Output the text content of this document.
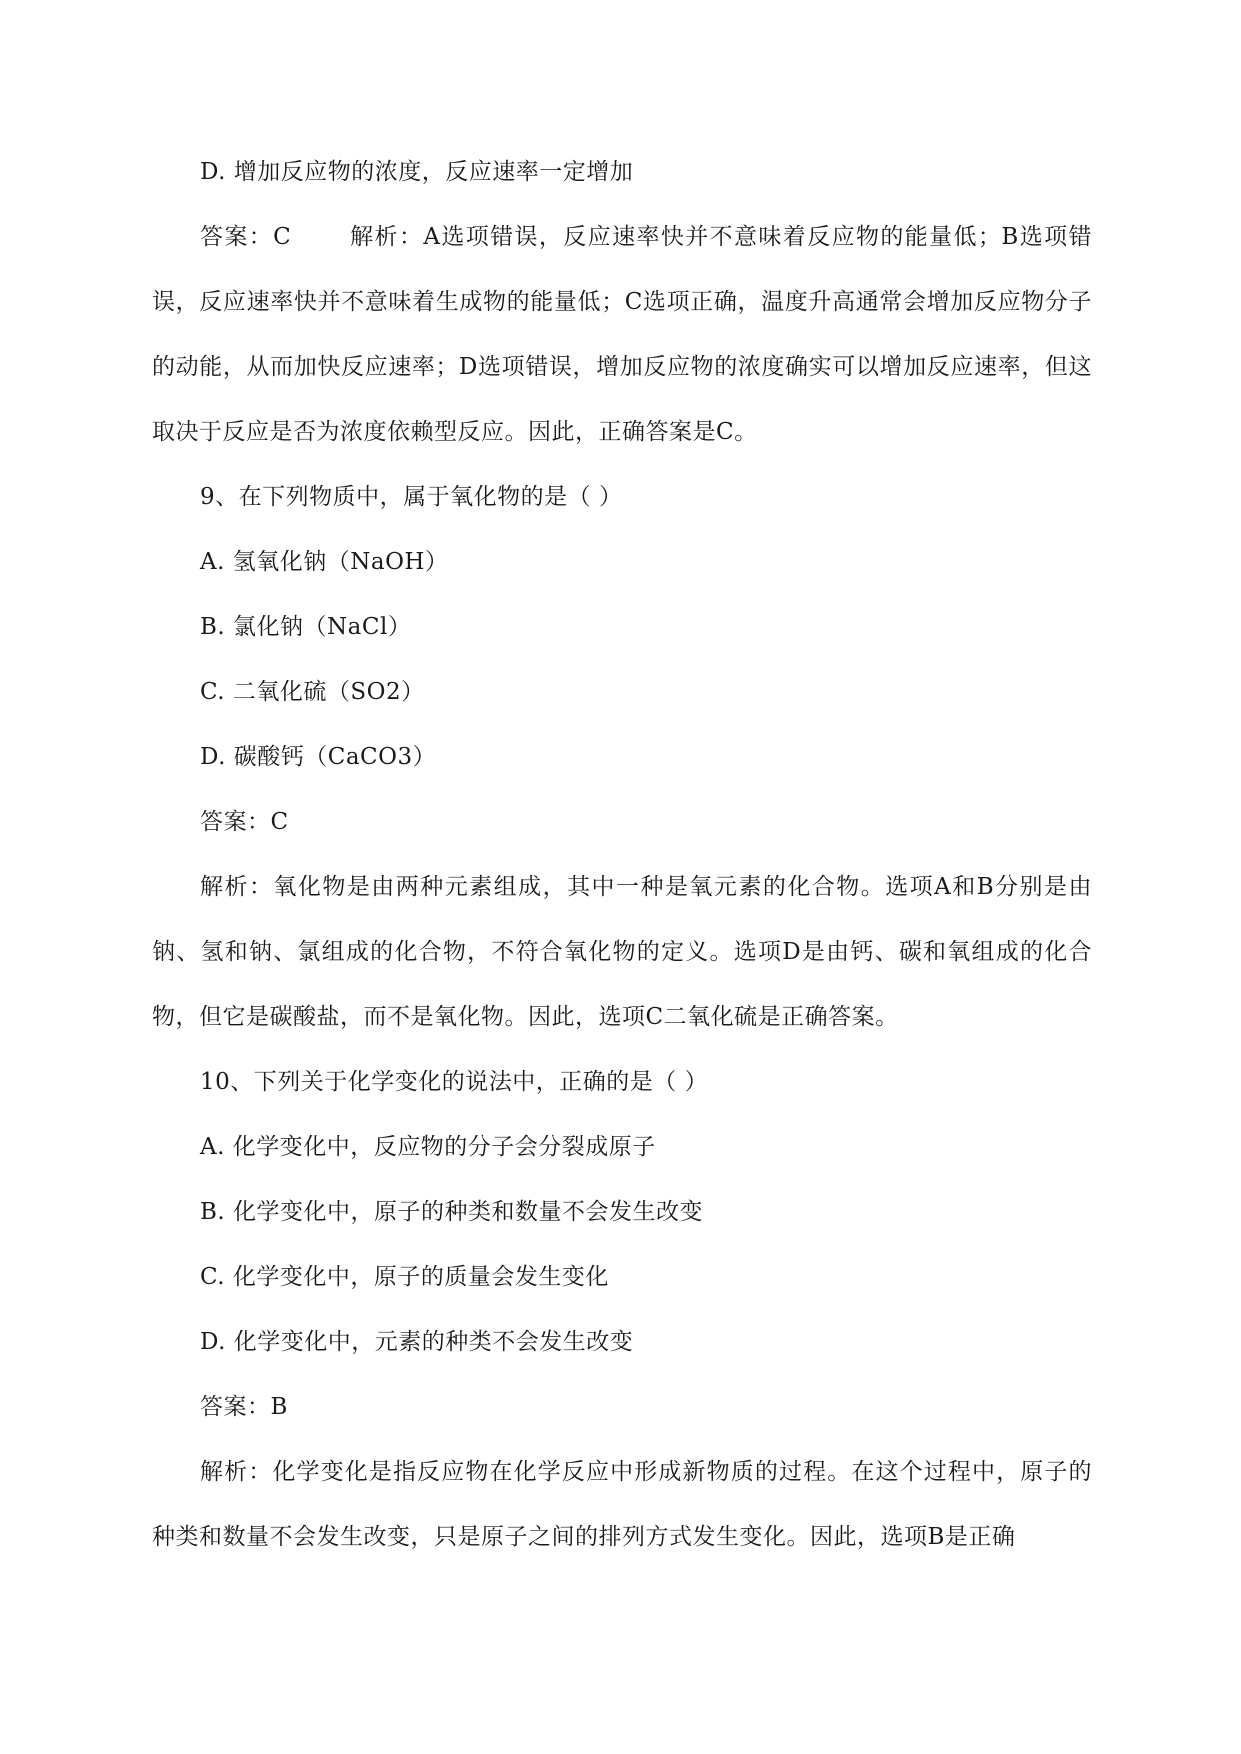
D. 增加反应物的浓度，反应速率一定增加

答案：C	解析：A选项错误，反应速率快并不意味着反应物的能量低；B选项错误，反应速率快并不意味着生成物的能量低；C选项正确，温度升高通常会增加反应物分子的动能，从而加快反应速率；D选项错误，增加反应物的浓度确实可以增加反应速率，但这取决于反应是否为浓度依赖型反应。因此，正确答案是C。

9、在下列物质中，属于氧化物的是（ ）

A. 氢氧化钠（NaOH）

B. 氯化钠（NaCl）

C. 二氧化硫（SO2）

D. 碳酸钙（CaCO3）

答案：C

解析：氧化物是由两种元素组成，其中一种是氧元素的化合物。选项A和B分别是由钠、氢和钠、氯组成的化合物，不符合氧化物的定义。选项D是由钙、碳和氧组成的化合物，但它是碳酸盐，而不是氧化物。因此，选项C二氧化硫是正确答案。

10、下列关于化学变化的说法中，正确的是（ ）

A. 化学变化中，反应物的分子会分裂成原子

B. 化学变化中，原子的种类和数量不会发生改变

C. 化学变化中，原子的质量会发生变化

D. 化学变化中，元素的种类不会发生改变

答案：B

解析：化学变化是指反应物在化学反应中形成新物质的过程。在这个过程中，原子的种类和数量不会发生改变，只是原子之间的排列方式发生变化。因此，选项B是正确
